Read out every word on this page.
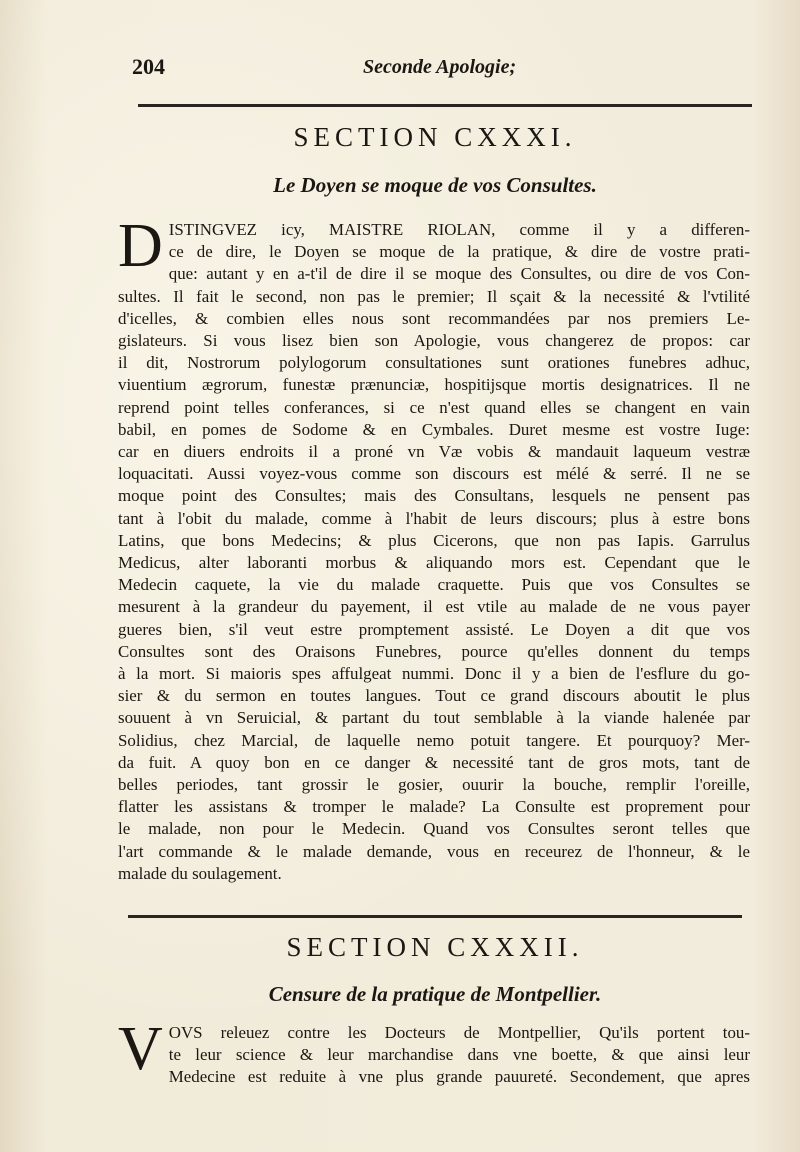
204	Seconde Apologie;
SECTION CXXXI.
Le Doyen se moque de vos Consultes.
D ISTINGVEZ icy, MAISTRE RIOLAN, comme il y a differen-
ce de dire, le Doyen se moque de la pratique, & dire de vostre prati-
que: autant y en a-t'il de dire il se moque des Consultes, ou dire de vos Con-
sultes. Il fait le second, non pas le premier; Il sçait & la necessité & l'vtilité
d'icelles, & combien elles nous sont recommandées par nos premiers Le-
gislateurs. Si vous lisez bien son Apologie, vous changerez de propos: car
il dit, Nostrorum polylogorum consultationes sunt orationes funebres adhuc,
viuentium ægrorum, funestæ prænunciæ, hospitijsque mortis designatrices. Il ne
reprend point telles conferances, si ce n'est quand elles se changent en vain
babil, en pomes de Sodome & en Cymbales. Duret mesme est vostre Iuge:
car en diuers endroits il a proné vn Væ vobis & mandauit laqueum vestræ
loquacitati. Aussi voyez-vous comme son discours est mélé & serré. Il ne se
moque point des Consultes; mais des Consultans, lesquels ne pensent pas
tant à l'obit du malade, comme à l'habit de leurs discours; plus à estre bons
Latins, que bons Medecins; & plus Cicerons, que non pas Iapis. Garrulus
Medicus, alter laboranti morbus & aliquando mors est. Cependant que le
Medecin caquete, la vie du malade craquette. Puis que vos Consultes se
mesurent à la grandeur du payement, il est vtile au malade de ne vous payer
gueres bien, s'il veut estre promptement assisté. Le Doyen a dit que vos
Consultes sont des Oraisons Funebres, pource qu'elles donnent du temps
à la mort. Si maioris spes affulgeat nummi. Donc il y a bien de l'esflure du go-
sier & du sermon en toutes langues. Tout ce grand discours aboutit le plus
souuent à vn Seruicial, & partant du tout semblable à la viande halenée par
Solidius, chez Marcial, de laquelle nemo potuit tangere. Et pourquoy? Mer-
da fuit. A quoy bon en ce danger & necessité tant de gros mots, tant de
belles periodes, tant grossir le gosier, ouurir la bouche, remplir l'oreille,
flatter les assistans & tromper le malade? La Consulte est proprement pour
le malade, non pour le Medecin. Quand vos Consultes seront telles que
l'art commande & le malade demande, vous en receurez de l'honneur, & le
malade du soulagement.
SECTION CXXXII.
Censure de la pratique de Montpellier.
V OVS releuez contre les Docteurs de Montpellier, Qu'ils portent tou-
te leur science & leur marchandise dans vne boette, & que ainsi leur
Medecine est reduite à vne plus grande pauureté. Secondement, que apres
